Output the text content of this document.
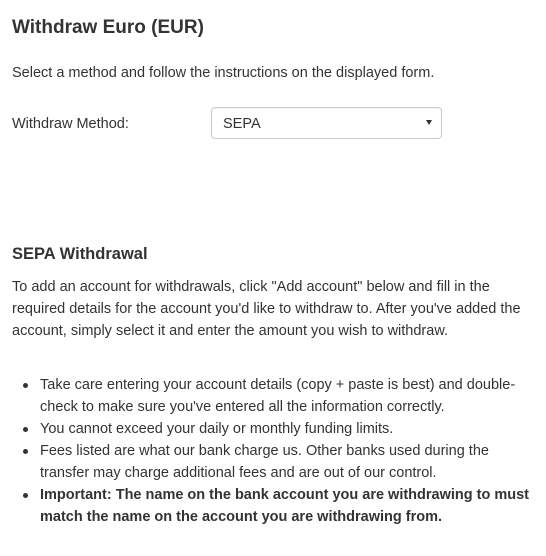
Withdraw Euro (EUR)

Select a method and follow the instructions on the displayed form.

Withdraw Method:	SEPA
SEPA Withdrawal

To add an account for withdrawals, click "Add account" below and fill in the required details for the account you'd like to withdraw to. After you've added the account, simply select it and enter the amount you wish to withdraw.

Take care entering your account details (copy + paste is best) and double-check to make sure you've entered all the information correctly.
You cannot exceed your daily or monthly funding limits.
Fees listed are what our bank charge us. Other banks used during the transfer may charge additional fees and are out of our control.
Important: The name on the bank account you are withdrawing to must match the name on the account you are withdrawing from.
